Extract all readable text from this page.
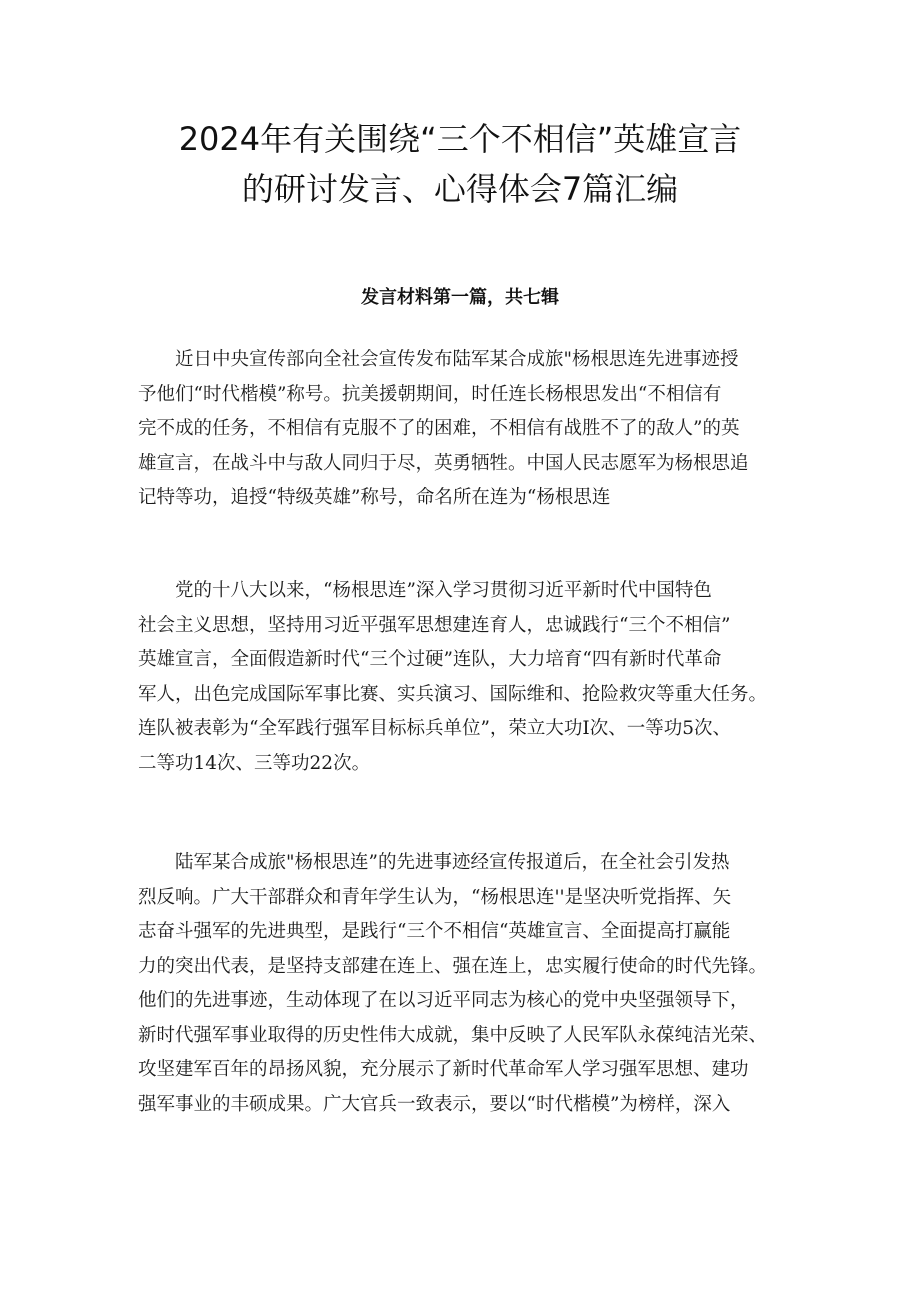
2024年有关围绕“三个不相信”英雄宣言
的研讨发言、心得体会7篇汇编
发言材料第一篇，共七辑

近日中央宣传部向全社会宣传发布陆军某合成旅"杨根思连先进事迹授
予他们“时代楷模”称号。抗美援朝期间，时任连长杨根思发出“不相信有
完不成的任务，不相信有克服不了的困难，不相信有战胜不了的敌人”的英
雄宣言，在战斗中与敌人同归于尽，英勇牺牲。中国人民志愿军为杨根思追
记特等功，追授“特级英雄”称号，命名所在连为“杨根思连

党的十八大以来，“杨根思连”深入学习贯彻习近平新时代中国特色
社会主义思想，坚持用习近平强军思想建连育人，忠诚践行“三个不相信”
英雄宣言，全面假造新时代“三个过硬”连队，大力培育“四有新时代革命
军人，出色完成国际军事比赛、实兵演习、国际维和、抢险救灾等重大任务。
连队被表彰为“全军践行强军目标标兵单位”，荣立大功I次、一等功5次、
二等功14次、三等功22次。

陆军某合成旅"杨根思连”的先进事迹经宣传报道后，在全社会引发热
烈反响。广大干部群众和青年学生认为，“杨根思连''是坚决听党指挥、矢
志奋斗强军的先进典型，是践行“三个不相信“英雄宣言、全面提高打赢能
力的突出代表，是坚持支部建在连上、强在连上，忠实履行使命的时代先锋。
他们的先进事迹，生动体现了在以习近平同志为核心的党中央坚强领导下，
新时代强军事业取得的历史性伟大成就，集中反映了人民军队永葆纯洁光荣、
攻坚建军百年的昂扬风貌，充分展示了新时代革命军人学习强军思想、建功
强军事业的丰硕成果。广大官兵一致表示，要以“时代楷模”为榜样，深入
